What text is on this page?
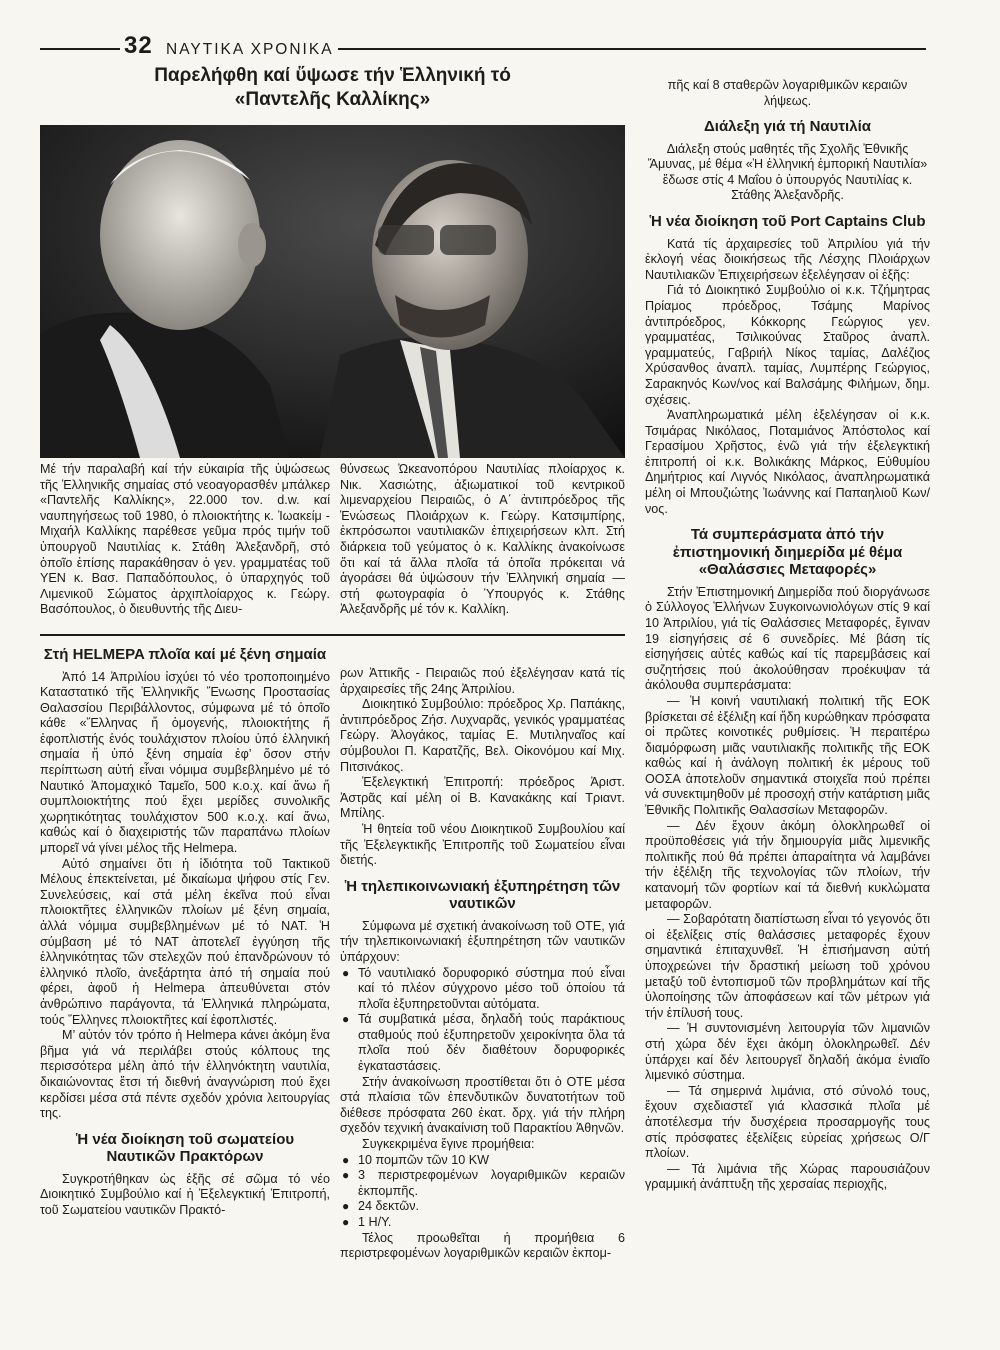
32 ΝΑΥΤΙΚΑ ΧΡΟΝΙΚΑ
Παρελήφθη καί ὕψωσε τήν Ἑλληνική τό
«Παντελῆς Καλλίκης»

Μέ τήν παραλαβή καί τήν εὐκαιρία τῆς ὑψώσεως τῆς Ἑλληνικῆς σημαίας στό νεοαγορασθέν μπάλκερ «Παντελῆς Καλλίκης», 22.000 τον. d.w. καί ναυπηγήσεως τοῦ 1980, ὁ πλοιοκτήτης κ. Ἰωακείμ - Μιχαήλ Καλλίκης παρέθεσε γεῦμα πρός τιμήν τοῦ ὑπουργοῦ Ναυτιλίας κ. Στάθη Ἀλεξανδρῆ, στό ὁποῖο ἐπίσης παρακάθησαν ὁ γεν. γραμματέας τοῦ ΥΕΝ κ. Βασ. Παπαδόπουλος, ὁ ὑπαρχηγός τοῦ Λιμενικοῦ Σώματος ἀρχιπλοίαρχος κ. Γεώργ. Βασόπουλος, ὁ διευθυντής τῆς Διευ-

θύνσεως Ὠκεανοπόρου Ναυτιλίας πλοίαρχος κ. Νικ. Χασιώτης, ἀξιωματικοί τοῦ κεντρικοῦ λιμεναρχείου Πειραιῶς, ὁ Α΄ ἀντιπρόεδρος τῆς Ἑνώσεως Πλοιάρχων κ. Γεώργ. Κατσιμπίρης, ἐκπρόσωποι ναυτιλιακῶν ἐπιχειρήσεων κλπ. Στή διάρκεια τοῦ γεύματος ὁ κ. Καλλίκης ἀνακοίνωσε ὅτι καί τά ἄλλα πλοῖα τά ὁποῖα πρόκειται νά ἀγοράσει θά ὑψώσουν τήν Ἑλληνική σημαία — στή φωτογραφία ὁ Ὑπουργός κ. Στάθης Ἀλεξανδρῆς μέ τόν κ. Καλλίκη.

Στή HELMEPA πλοῖα καί μέ ξένη σημαία

Ἀπό 14 Ἀπριλίου ἰσχύει τό νέο τροποποιημένο Καταστατικό τῆς Ἑλληνικῆς Ἕνωσης Προστασίας Θαλασσίου Περιβάλλοντος, σύμφωνα μέ τό ὁποῖο κάθε «Ἕλληνας ἤ ὁμογενής, πλοιοκτήτης ἤ ἐφοπλιστής ἑνός τουλάχιστον πλοίου ὑπό ἑλληνική σημαία ἤ ὑπό ξένη σημαία ἐφ’ ὅσον στήν περίπτωση αὐτή εἶναι νόμιμα συμβεβλημένο μέ τό Ναυτικό Ἀπομαχικό Ταμεῖο, 500 κ.ο.χ. καί ἄνω ἤ συμπλοιοκτήτης πού ἔχει μερίδες συνολικῆς χωρητικότητας τουλάχιστον 500 κ.ο.χ. καί ἄνω, καθώς καί ὁ διαχειριστής τῶν παραπάνω πλοίων μπορεῖ νά γίνει μέλος τῆς Helmepa.

Αὐτό σημαίνει ὅτι ἡ ἰδιότητα τοῦ Τακτικοῦ Μέλους ἐπεκτείνεται, μέ δικαίωμα ψήφου στίς Γεν. Συνελεύσεις, καί στά μέλη ἐκεῖνα πού εἶναι πλοιοκτῆτες ἑλληνικῶν πλοίων μέ ξένη σημαία, ἀλλά νόμιμα συμβεβλημένων μέ τό ΝΑΤ. Ἡ σύμβαση μέ τό ΝΑΤ ἀποτελεῖ ἐγγύηση τῆς ἑλληνικότητας τῶν στελεχῶν πού ἐπανδρώνουν τό ἑλληνικό πλοῖο, ἀνεξάρτητα ἀπό τή σημαία πού φέρει, ἀφοῦ ἡ Helmepa ἀπευθύνεται στόν ἀνθρώπινο παράγοντα, τά Ἑλληνικά πληρώματα, τούς Ἕλληνες πλοιοκτῆτες καί ἐφοπλιστές.

Μ’ αὐτόν τόν τρόπο ἡ Helmepa κάνει ἀκόμη ἕνα βῆμα γιά νά περιλάβει στούς κόλπους της περισσότερα μέλη ἀπό τήν ἑλληνόκτητη ναυτιλία, δικαιώνοντας ἔτσι τή διεθνή ἀναγνώριση πού ἔχει κερδίσει μέσα στά πέντε σχεδόν χρόνια λειτουργίας της.

Ἡ νέα διοίκηση τοῦ σωματείου Ναυτικῶν Πρακτόρων

Συγκροτήθηκαν ὡς ἑξῆς σέ σῶμα τό νέο Διοικητικό Συμβούλιο καί ἡ Ἐξελεγκτική Ἐπιτροπή, τοῦ Σωματείου ναυτικῶν Πρακτό-

ρων Ἀττικῆς - Πειραιῶς πού ἐξελέγησαν κατά τίς ἀρχαιρεσίες τῆς 24ης Ἀπριλίου.

Διοικητικό Συμβούλιο: πρόεδρος Χρ. Παπάκης, ἀντιπρόεδρος Ζήσ. Λυχναρᾶς, γενικός γραμματέας Γεώργ. Ἀλογάκος, ταμίας Ε. Μυτιληναῖος καί σύμβουλοι Π. Καρατζῆς, Βελ. Οἰκονόμου καί Μιχ. Πιτσινάκος.

Ἐξελεγκτική Ἐπιτροπή: πρόεδρος Ἀριστ. Ἀστρᾶς καί μέλη οἱ Β. Κανακάκης καί Τριαντ. Μπίλης.

Ἡ θητεία τοῦ νέου Διοικητικοῦ Συμβουλίου καί τῆς Ἐξελεγκτικῆς Ἐπιτροπῆς τοῦ Σωματείου εἶναι διετής.

Ἡ τηλεπικοινωνιακή ἐξυπηρέτηση τῶν ναυτικῶν

Σύμφωνα μέ σχετική ἀνακοίνωση τοῦ ΟΤΕ, γιά τήν τηλεπικοινωνιακή ἐξυπηρέτηση τῶν ναυτικῶν ὑπάρχουν:

● Τό ναυτιλιακό δορυφορικό σύστημα πού εἶναι καί τό πλέον σύγχρονο μέσο τοῦ ὁποίου τά πλοῖα ἐξυπηρετοῦνται αὐτόματα.
● Τά συμβατικά μέσα, δηλαδή τούς παράκτιους σταθμούς πού ἐξυπηρετοῦν χειροκίνητα ὅλα τά πλοῖα πού δέν διαθέτουν δορυφορικές ἐγκαταστάσεις.

Στήν ἀνακοίνωση προστίθεται ὅτι ὁ ΟΤΕ μέσα στά πλαίσια τῶν ἐπενδυτικῶν δυνατοτήτων τοῦ διέθεσε πρόσφατα 260 ἑκατ. δρχ. γιά τήν πλήρη σχεδόν τεχνική ἀνακαίνιση τοῦ Παρακτίου Ἀθηνῶν.

Συγκεκριμένα ἔγινε προμήθεια:

● 10 πομπῶν τῶν 10 KW
● 3 περιστρεφομένων λογαριθμικῶν κεραιῶν ἐκπομπῆς.
● 24 δεκτῶν.
● 1 Η/Υ.

Τέλος προωθεῖται ἡ προμήθεια 6 περιστρεφομένων λογαριθμικῶν κεραιῶν ἐκπομ-

πῆς καί 8 σταθερῶν λογαριθμικῶν κεραιῶν λήψεως.

Διάλεξη γιά τή Ναυτιλία

Διάλεξη στούς μαθητές τῆς Σχολῆς Ἐθνικῆς Ἄμυνας, μέ θέμα «Ἡ ἑλληνική ἐμπορική Ναυτιλία» ἔδωσε στίς 4 Μαΐου ὁ ὑπουργός Ναυτιλίας κ. Στάθης Ἀλεξανδρῆς.

Ἡ νέα διοίκηση τοῦ Port Captains Club

Κατά τίς ἀρχαιρεσίες τοῦ Ἀπριλίου γιά τήν ἐκλογή νέας διοικήσεως τῆς Λέσχης Πλοιάρχων Ναυτιλιακῶν Ἐπιχειρήσεων ἐξελέγησαν οἱ ἑξῆς:

Γιά τό Διοικητικό Συμβούλιο οἱ κ.κ. Τζήμητρας Πρίαμος πρόεδρος, Τσάμης Μαρίνος ἀντιπρόεδρος, Κόκκορης Γεώργιος γεν. γραμματέας, Τσιλικούνας Σταῦρος ἀναπλ. γραμματεύς, Γαβριήλ Νίκος ταμίας, Δαλέζιος Χρύσανθος ἀναπλ. ταμίας, Λυμπέρης Γεώργιος, Σαρακηνός Κων/νος καί Βαλσάμης Φιλήμων, δημ. σχέσεις.

Ἀναπληρωματικά μέλη ἐξελέγησαν οἱ κ.κ. Τσιμάρας Νικόλαος, Ποταμιάνος Ἀπόστολος καί Γερασίμου Χρῆστος, ἐνῶ γιά τήν ἐξελεγκτική ἐπιτροπή οἱ κ.κ. Βολικάκης Μάρκος, Εὐθυμίου Δημήτριος καί Λιγνός Νικόλαος, ἀναπληρωματικά μέλη οἱ Μπουζιώτης Ἰωάννης καί Παπαηλιοῦ Κων/νος.

Τά συμπεράσματα ἀπό τήν ἐπιστημονική διημερίδα μέ θέμα «Θαλάσσιες Μεταφορές»

Στήν Ἐπιστημονική Διημερίδα πού διοργάνωσε ὁ Σύλλογος Ἑλλήνων Συγκοινωνιολόγων στίς 9 καί 10 Ἀπριλίου, γιά τίς Θαλάσσιες Μεταφορές, ἔγιναν 19 εἰσηγήσεις σέ 6 συνεδρίες. Μέ βάση τίς εἰσηγήσεις αὐτές καθώς καί τίς παρεμβάσεις καί συζητήσεις πού ἀκολούθησαν προέκυψαν τά ἀκόλουθα συμπεράσματα:

— Ἡ κοινή ναυτιλιακή πολιτική τῆς ΕΟΚ βρίσκεται σέ ἐξέλιξη καί ἤδη κυρώθηκαν πρόσφατα οἱ πρῶτες κοινοτικές ρυθμίσεις. Ἡ περαιτέρω διαμόρφωση μιᾶς ναυτιλιακῆς πολιτικῆς τῆς ΕΟΚ καθώς καί ἡ ἀνάλογη πολιτική ἐκ μέρους τοῦ ΟΟΣΑ ἀποτελοῦν σημαντικά στοιχεῖα πού πρέπει νά συνεκτιμηθοῦν μέ προσοχή στήν κατάρτιση μιᾶς Ἐθνικῆς Πολιτικῆς Θαλασσίων Μεταφορῶν.

— Δέν ἔχουν ἀκόμη ὁλοκληρωθεῖ οἱ προϋποθέσεις γιά τήν δημιουργία μιᾶς λιμενικῆς πολιτικῆς πού θά πρέπει ἀπαραίτητα νά λαμβάνει τήν ἐξέλιξη τῆς τεχνολογίας τῶν πλοίων, τήν κατανομή τῶν φορτίων καί τά διεθνή κυκλώματα μεταφορῶν.

— Σοβαρότατη διαπίστωση εἶναι τό γεγονός ὅτι οἱ ἐξελίξεις στίς θαλάσσιες μεταφορές ἔχουν σημαντικά ἐπιταχυνθεῖ. Ἡ ἐπισήμανση αὐτή ὑποχρεώνει τήν δραστική μείωση τοῦ χρόνου μεταξύ τοῦ ἐντοπισμοῦ τῶν προβλημάτων καί τῆς ὑλοποίησης τῶν ἀποφάσεων καί τῶν μέτρων γιά τήν ἐπίλυσή τους.

— Ἡ συντονισμένη λειτουργία τῶν λιμανιῶν στή χώρα δέν ἔχει ἀκόμη ὁλοκληρωθεῖ. Δέν ὑπάρχει καί δέν λειτουργεῖ δηλαδή ἀκόμα ἑνιαῖο λιμενικό σύστημα.

— Τά σημερινά λιμάνια, στό σύνολό τους, ἔχουν σχεδιαστεῖ γιά κλασσικά πλοῖα μέ ἀποτέλεσμα τήν δυσχέρεια προσαρμογῆς τους στίς πρόσφατες ἐξελίξεις εὐρείας χρήσεως Ο/Γ πλοίων.

— Τά λιμάνια τῆς Χώρας παρουσιάζουν γραμμική ἀνάπτυξη τῆς χερσαίας περιοχῆς,
